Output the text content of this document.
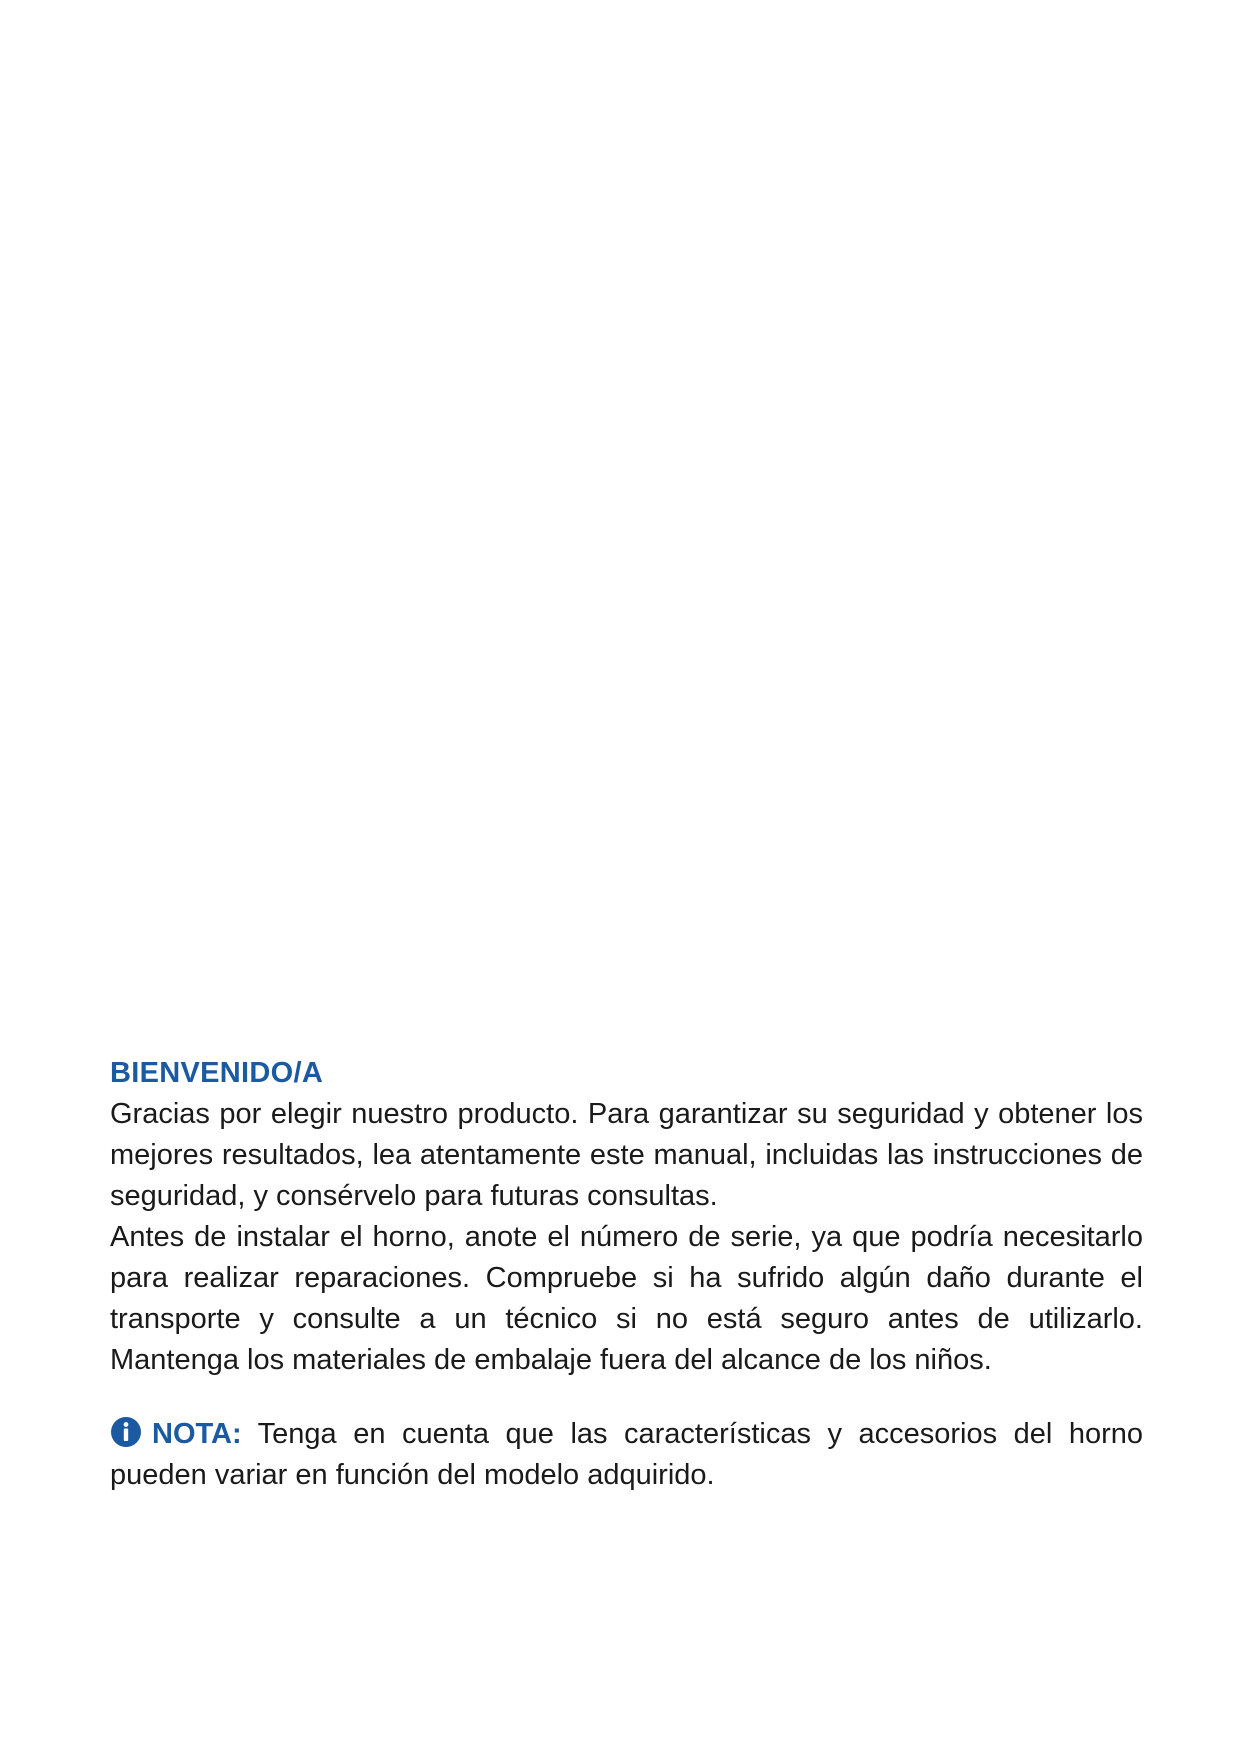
BIENVENIDO/A

Gracias por elegir nuestro producto. Para garantizar su seguridad y obtener los mejores resultados, lea atentamente este manual, incluidas las instrucciones de seguridad, y consérvelo para futuras consultas.

Antes de instalar el horno, anote el número de serie, ya que podría necesitarlo para realizar reparaciones. Compruebe si ha sufrido algún daño durante el transporte y consulte a un técnico si no está seguro antes de utilizarlo. Mantenga los materiales de embalaje fuera del alcance de los niños.

NOTA: Tenga en cuenta que las características y accesorios del horno pueden variar en función del modelo adquirido.
